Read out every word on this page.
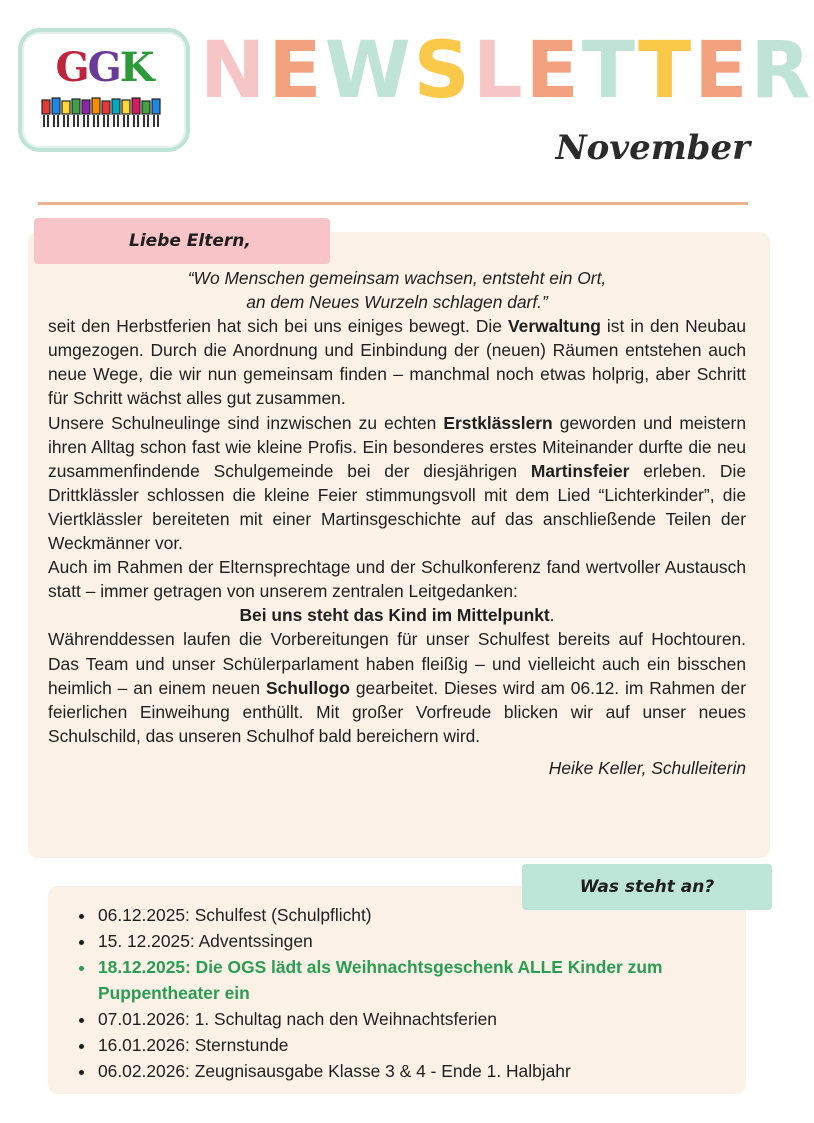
GGK NEWSLETTER
November
Liebe Eltern,

“Wo Menschen gemeinsam wachsen, entsteht ein Ort,

an dem Neues Wurzeln schlagen darf.”

seit den Herbstferien hat sich bei uns einiges bewegt. Die Verwaltung ist in den Neubau umgezogen. Durch die Anordnung und Einbindung der (neuen) Räumen entstehen auch neue Wege, die wir nun gemeinsam finden – manchmal noch etwas holprig, aber Schritt für Schritt wächst alles gut zusammen.

Unsere Schulneulinge sind inzwischen zu echten Erstklässlern geworden und meistern ihren Alltag schon fast wie kleine Profis. Ein besonderes erstes Miteinander durfte die neu zusammenfindende Schulgemeinde bei der diesjährigen Martinsfeier erleben. Die Drittklässler schlossen die kleine Feier stimmungsvoll mit dem Lied “Lichterkinder”, die Viertklässler bereiteten mit einer Martinsgeschichte auf das anschließende Teilen der Weckmänner vor.

Auch im Rahmen der Elternsprechtage und der Schulkonferenz fand wertvoller Austausch statt – immer getragen von unserem zentralen Leitgedanken:

Bei uns steht das Kind im Mittelpunkt.

Währenddessen laufen die Vorbereitungen für unser Schulfest bereits auf Hochtouren. Das Team und unser Schülerparlament haben fleißig – und vielleicht auch ein bisschen heimlich – an einem neuen Schullogo gearbeitet. Dieses wird am 06.12. im Rahmen der feierlichen Einweihung enthüllt. Mit großer Vorfreude blicken wir auf unser neues Schulschild, das unseren Schulhof bald bereichern wird.

Heike Keller, Schulleiterin

Was steht an?
• 06.12.2025: Schulfest (Schulpflicht)
• 15. 12.2025: Adventssingen
• 18.12.2025: Die OGS lädt als Weihnachtsgeschenk ALLE Kinder zum Puppentheater ein
• 07.01.2026: 1. Schultag nach den Weihnachtsferien
• 16.01.2026: Sternstunde
• 06.02.2026: Zeugnisausgabe Klasse 3 & 4 - Ende 1. Halbjahr
